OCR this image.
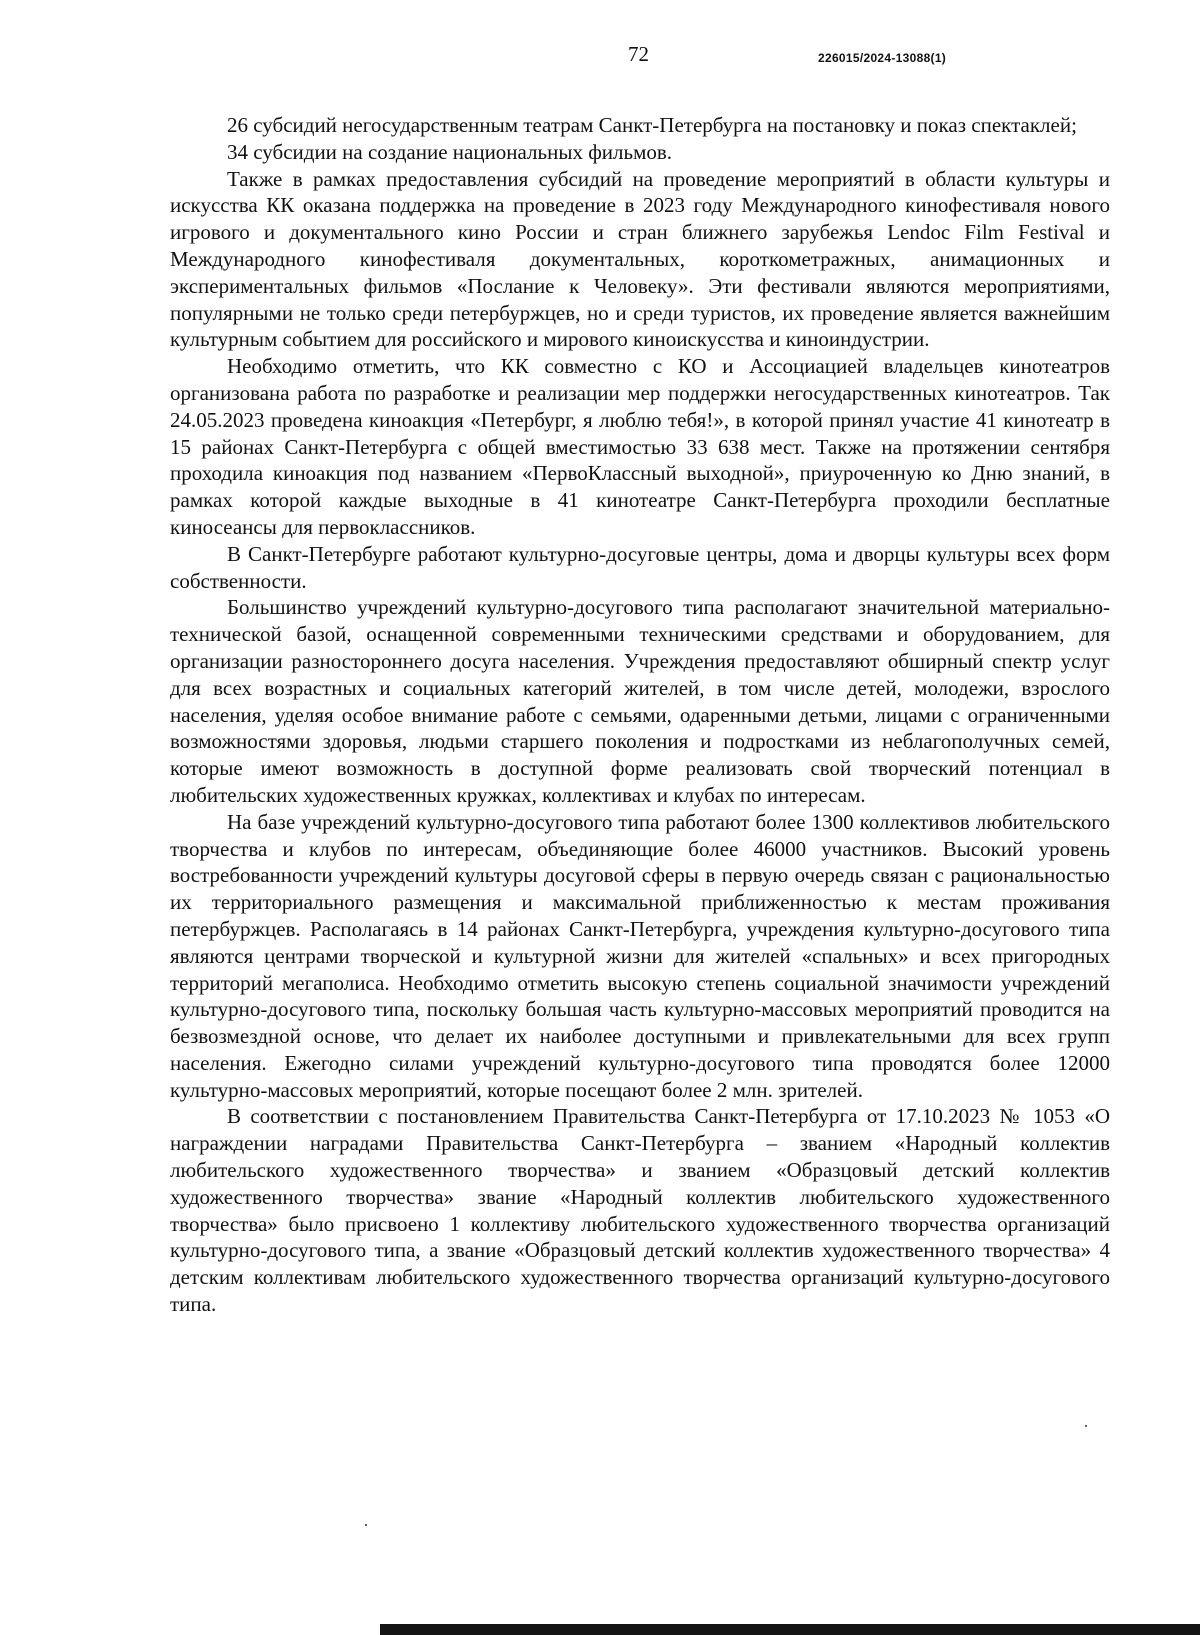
72	226015/2024-13088(1)

26 субсидий негосударственным театрам Санкт-Петербурга на постановку и показ спектаклей;

34 субсидии на создание национальных фильмов.

Также в рамках предоставления субсидий на проведение мероприятий в области культуры и искусства КК оказана поддержка на проведение в 2023 году Международного кинофестиваля нового игрового и документального кино России и стран ближнего зарубежья Lendoc Film Festival и Международного кинофестиваля документальных, короткометражных, анимационных и экспериментальных фильмов «Послание к Человеку». Эти фестивали являются мероприятиями, популярными не только среди петербуржцев, но и среди туристов, их проведение является важнейшим культурным событием для российского и мирового киноискусства и киноиндустрии.

Необходимо отметить, что КК совместно с КО и Ассоциацией владельцев кинотеатров организована работа по разработке и реализации мер поддержки негосударственных кинотеатров. Так 24.05.2023 проведена киноакция «Петербург, я люблю тебя!», в которой принял участие 41 кинотеатр в 15 районах Санкт-Петербурга с общей вместимостью 33 638 мест. Также на протяжении сентября проходила киноакция под названием «ПервоКлассный выходной», приуроченную ко Дню знаний, в рамках которой каждые выходные в 41 кинотеатре Санкт-Петербурга проходили бесплатные киносеансы для первоклассников.

В Санкт-Петербурге работают культурно-досуговые центры, дома и дворцы культуры всех форм собственности.

Большинство учреждений культурно-досугового типа располагают значительной материально-технической базой, оснащенной современными техническими средствами и оборудованием, для организации разностороннего досуга населения. Учреждения предоставляют обширный спектр услуг для всех возрастных и социальных категорий жителей, в том числе детей, молодежи, взрослого населения, уделяя особое внимание работе с семьями, одаренными детьми, лицами с ограниченными возможностями здоровья, людьми старшего поколения и подростками из неблагополучных семей, которые имеют возможность в доступной форме реализовать свой творческий потенциал в любительских художественных кружках, коллективах и клубах по интересам.

На базе учреждений культурно-досугового типа работают более 1300 коллективов любительского творчества и клубов по интересам, объединяющие более 46000 участников. Высокий уровень востребованности учреждений культуры досуговой сферы в первую очередь связан с рациональностью их территориального размещения и максимальной приближенностью к местам проживания петербуржцев. Располагаясь в 14 районах Санкт-Петербурга, учреждения культурно-досугового типа являются центрами творческой и культурной жизни для жителей «спальных» и всех пригородных территорий мегаполиса. Необходимо отметить высокую степень социальной значимости учреждений культурно-досугового типа, поскольку большая часть культурно-массовых мероприятий проводится на безвозмездной основе, что делает их наиболее доступными и привлекательными для всех групп населения. Ежегодно силами учреждений культурно-досугового типа проводятся более 12000 культурно-массовых мероприятий, которые посещают более 2 млн. зрителей.

В соответствии с постановлением Правительства Санкт-Петербурга от 17.10.2023 № 1053 «О награждении наградами Правительства Санкт-Петербурга – званием «Народный коллектив любительского художественного творчества» и званием «Образцовый детский коллектив художественного творчества» звание «Народный коллектив любительского художественного творчества» было присвоено 1 коллективу любительского художественного творчества организаций культурно-досугового типа, а звание «Образцовый детский коллектив художественного творчества» 4 детским коллективам любительского художественного творчества организаций культурно-досугового типа.
